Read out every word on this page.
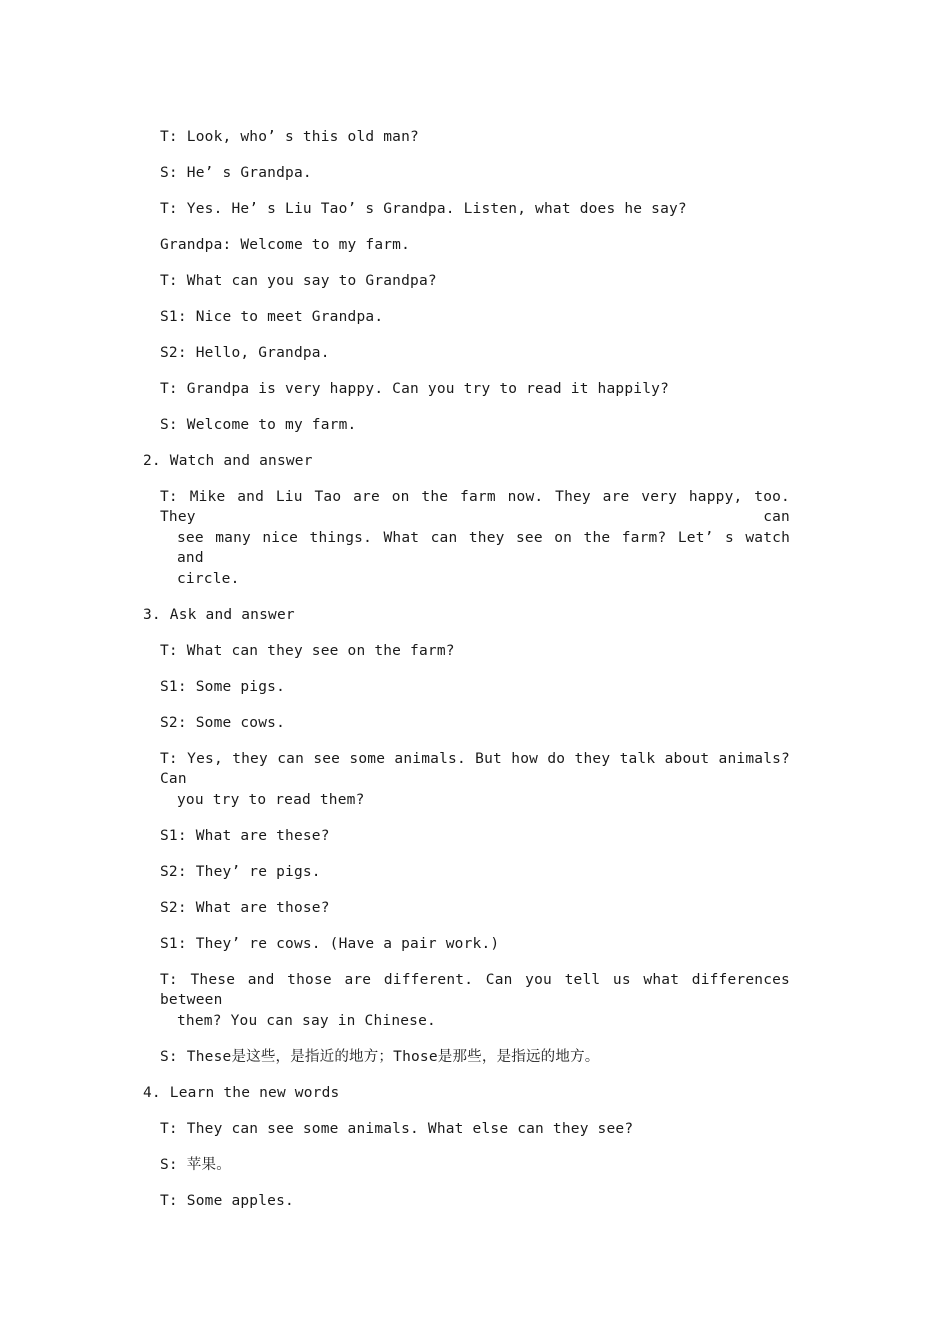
T: Look, who’ s this old man?
S: He’ s Grandpa.
T: Yes. He’ s Liu Tao’ s Grandpa. Listen, what does he say?
Grandpa: Welcome to my farm.
T: What can you say to Grandpa?
S1: Nice to meet Grandpa.
S2: Hello, Grandpa.
T: Grandpa is very happy. Can you try to read it happily?
S: Welcome to my farm.
2. Watch and answer
T: Mike and Liu Tao are on the farm now. They are very happy, too. They can
see many nice things. What can they see on the farm? Let’ s watch and
circle.
3. Ask and answer
T: What can they see on the farm?
S1: Some pigs.
S2: Some cows.
T: Yes, they can see some animals. But how do they talk about animals? Can
you try to read them?
S1: What are these?
S2: They’ re pigs.
S2: What are those?
S1: They’ re cows. (Have a pair work.)
T: These and those are different. Can you tell us what differences between
them? You can say in Chinese.
S: These是这些，是指近的地方；Those是那些，是指远的地方。
4. Learn the new words
T: They can see some animals. What else can they see?
S: 苹果。
T: Some apples.
